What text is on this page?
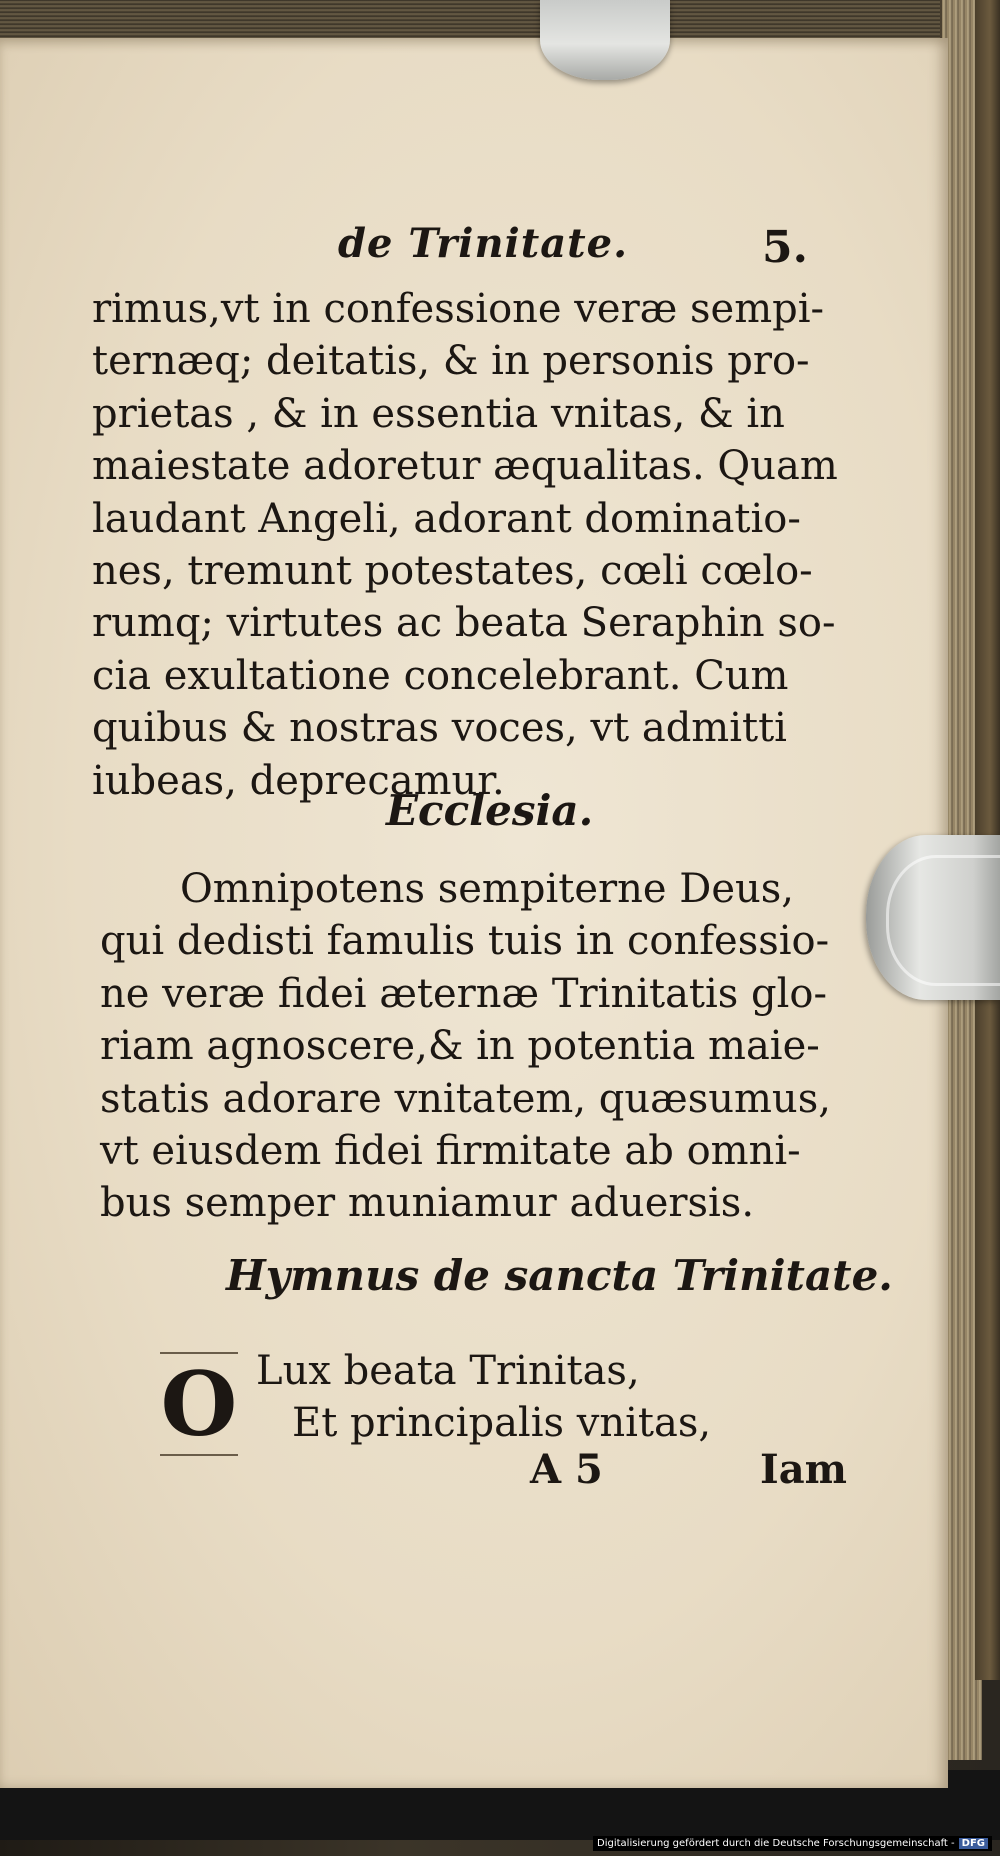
de Trinitate.	5.
rimus,vt in confessione veræ sempi-
ternæq; deitatis, & in personis pro-
prietas , & in essentia vnitas, & in
maiestate adoretur æqualitas. Quam
laudant Angeli, adorant dominatio-
nes, tremunt potestates, cœli cœlo-
rumq; virtutes ac beata Seraphin so-
cia exultatione concelebrant. Cum
quibus & nostras voces, vt admitti
iubeas, deprecamur.
Ecclesia.
Omnipotens sempiterne Deus,
qui dedisti famulis tuis in confessio-
ne veræ fidei æternæ Trinitatis glo-
riam agnoscere,& in potentia maie-
statis adorare vnitatem, quæsumus,
vt eiusdem fidei firmitate ab omni-
bus semper muniamur aduersis.
Hymnus de sancta Trinitate.
O Lux beata Trinitas,
Et principalis vnitas,
A 5	Iam
Digitalisierung gefördert durch die Deutsche Forschungsgemeinschaft - DFG
